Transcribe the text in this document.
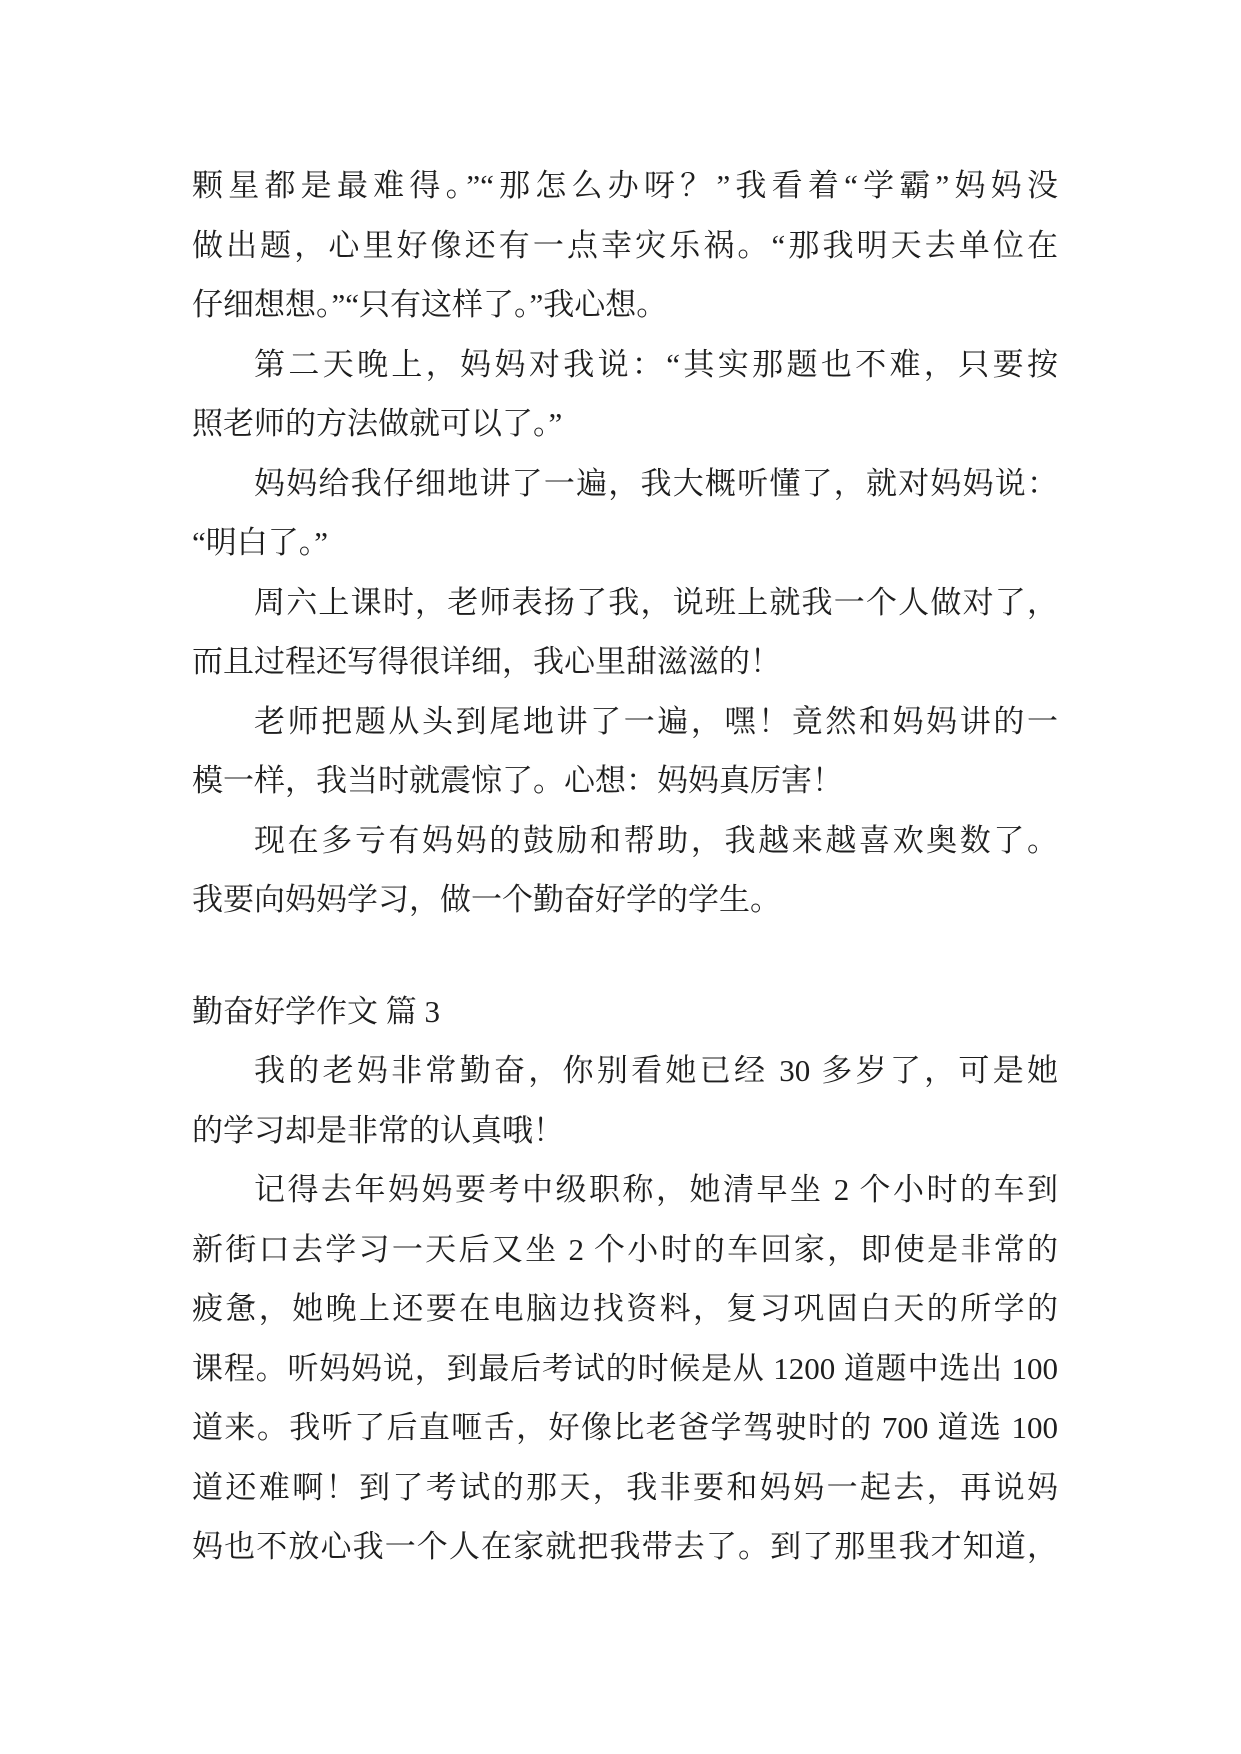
颗星都是最难得。”“那怎么办呀？”我看着“学霸”妈妈没
做出题，心里好像还有一点幸灾乐祸。“那我明天去单位在
仔细想想。”“只有这样了。”我心想。
第二天晚上，妈妈对我说：“其实那题也不难，只要按
照老师的方法做就可以了。”
妈妈给我仔细地讲了一遍，我大概听懂了，就对妈妈说：
“明白了。”
周六上课时，老师表扬了我，说班上就我一个人做对了，
而且过程还写得很详细，我心里甜滋滋的！
老师把题从头到尾地讲了一遍，嘿！竟然和妈妈讲的一
模一样，我当时就震惊了。心想：妈妈真厉害！
现在多亏有妈妈的鼓励和帮助，我越来越喜欢奥数了。
我要向妈妈学习，做一个勤奋好学的学生。
勤奋好学作文 篇 3
我的老妈非常勤奋，你别看她已经 30 多岁了，可是她
的学习却是非常的认真哦！
记得去年妈妈要考中级职称，她清早坐 2 个小时的车到
新街口去学习一天后又坐 2 个小时的车回家，即使是非常的
疲惫，她晚上还要在电脑边找资料，复习巩固白天的所学的
课程。听妈妈说，到最后考试的时候是从 1200 道题中选出 100
道来。我听了后直咂舌，好像比老爸学驾驶时的 700 道选 100
道还难啊！到了考试的那天，我非要和妈妈一起去，再说妈
妈也不放心我一个人在家就把我带去了。到了那里我才知道，
